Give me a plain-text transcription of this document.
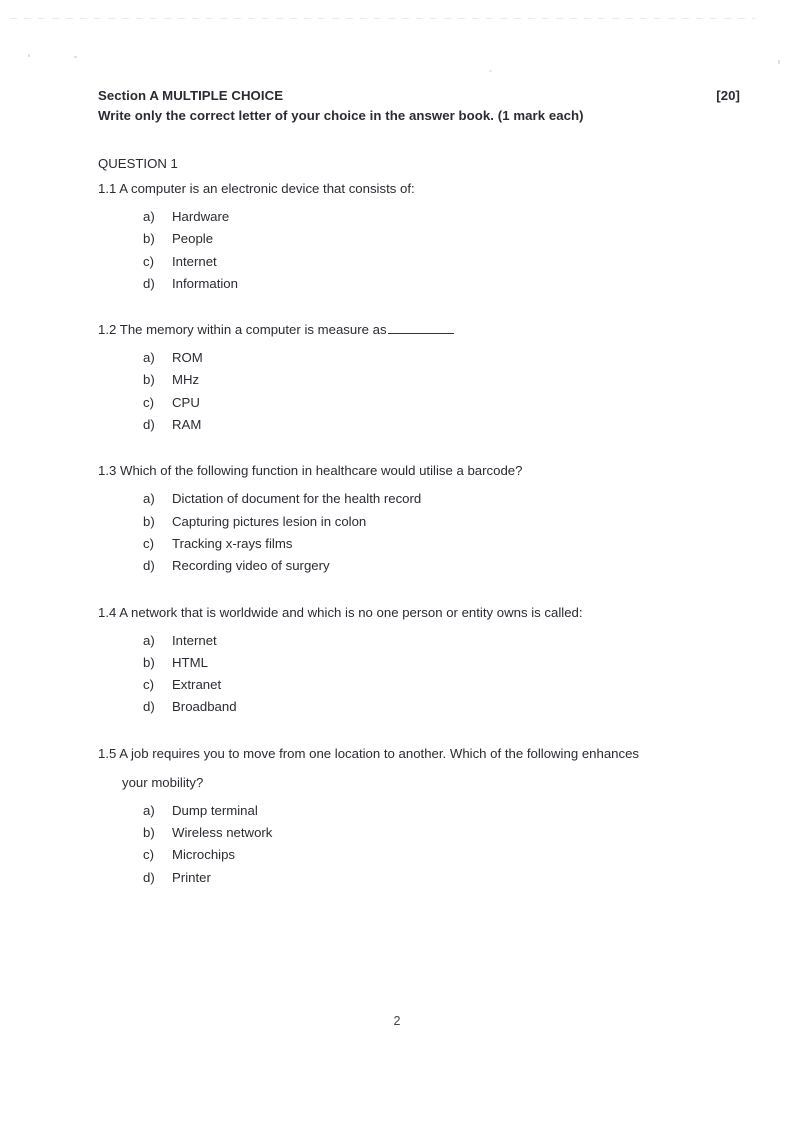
Section A MULTIPLE CHOICE	[20]
Write only the correct letter of your choice in the answer book. (1 mark each)
QUESTION 1
1.1 A computer is an electronic device that consists of:
a)	Hardware
b)	People
c)	Internet
d)	Information
1.2 The memory within a computer is measure as
a)	ROM
b)	MHz
c)	CPU
d)	RAM
1.3 Which of the following function in healthcare would utilise a barcode?
a)	Dictation of document for the health record
b)	Capturing pictures lesion in colon
c)	Tracking x-rays films
d)	Recording video of surgery
1.4 A network that is worldwide and which is no one person or entity owns is called:
a)	Internet
b)	HTML
c)	Extranet
d)	Broadband
1.5 A job requires you to move from one location to another. Which of the following enhances
your mobility?
a)	Dump terminal
b)	Wireless network
c)	Microchips
d)	Printer
2
